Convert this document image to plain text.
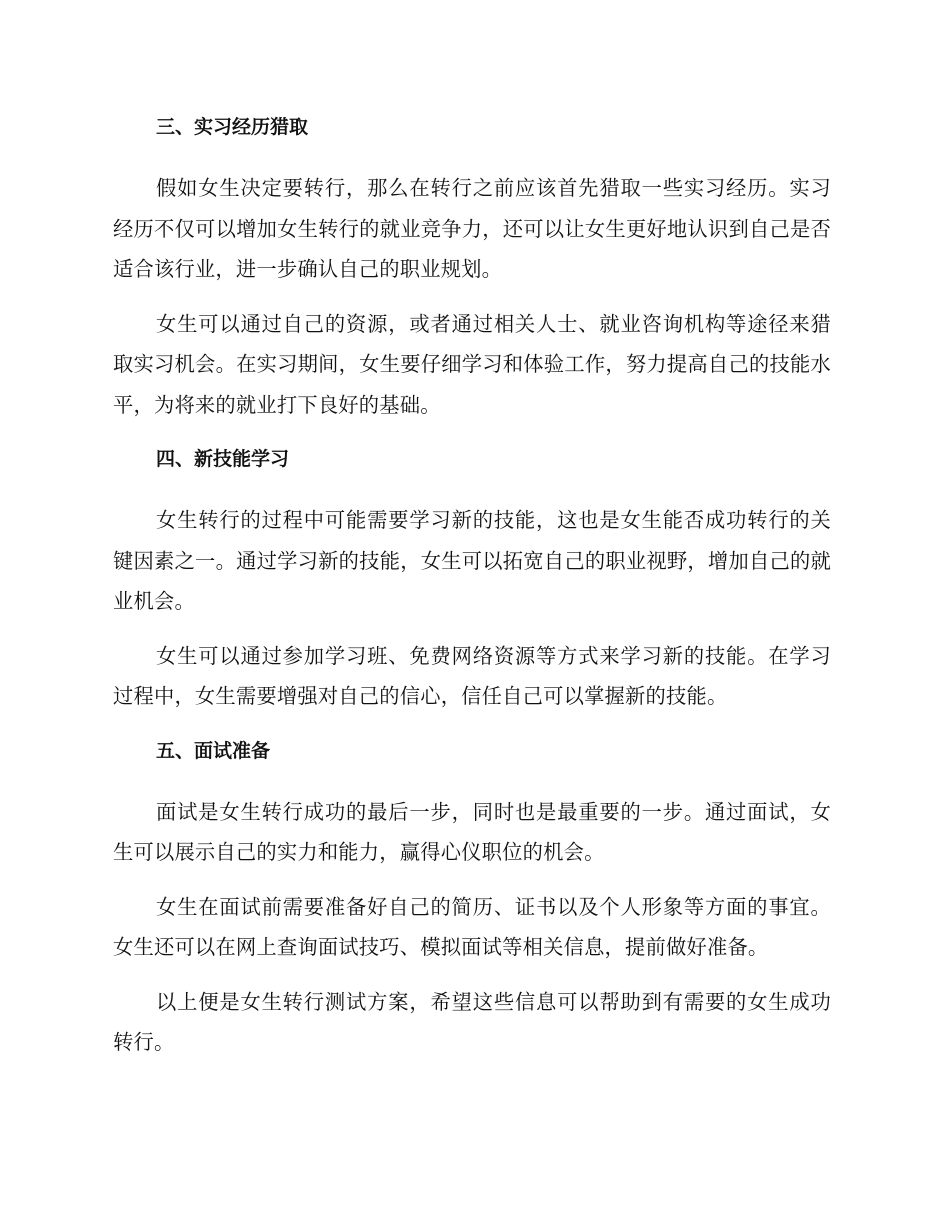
三、实习经历猎取

假如女生决定要转行，那么在转行之前应该首先猎取一些实习经历。实习经历不仅可以增加女生转行的就业竞争力，还可以让女生更好地认识到自己是否适合该行业，进一步确认自己的职业规划。

女生可以通过自己的资源，或者通过相关人士、就业咨询机构等途径来猎取实习机会。在实习期间，女生要仔细学习和体验工作，努力提高自己的技能水平，为将来的就业打下良好的基础。

四、新技能学习

女生转行的过程中可能需要学习新的技能，这也是女生能否成功转行的关键因素之一。通过学习新的技能，女生可以拓宽自己的职业视野，增加自己的就业机会。

女生可以通过参加学习班、免费网络资源等方式来学习新的技能。在学习过程中，女生需要增强对自己的信心，信任自己可以掌握新的技能。

五、面试准备

面试是女生转行成功的最后一步，同时也是最重要的一步。通过面试，女生可以展示自己的实力和能力，赢得心仪职位的机会。

女生在面试前需要准备好自己的简历、证书以及个人形象等方面的事宜。女生还可以在网上查询面试技巧、模拟面试等相关信息，提前做好准备。

以上便是女生转行测试方案，希望这些信息可以帮助到有需要的女生成功转行。
